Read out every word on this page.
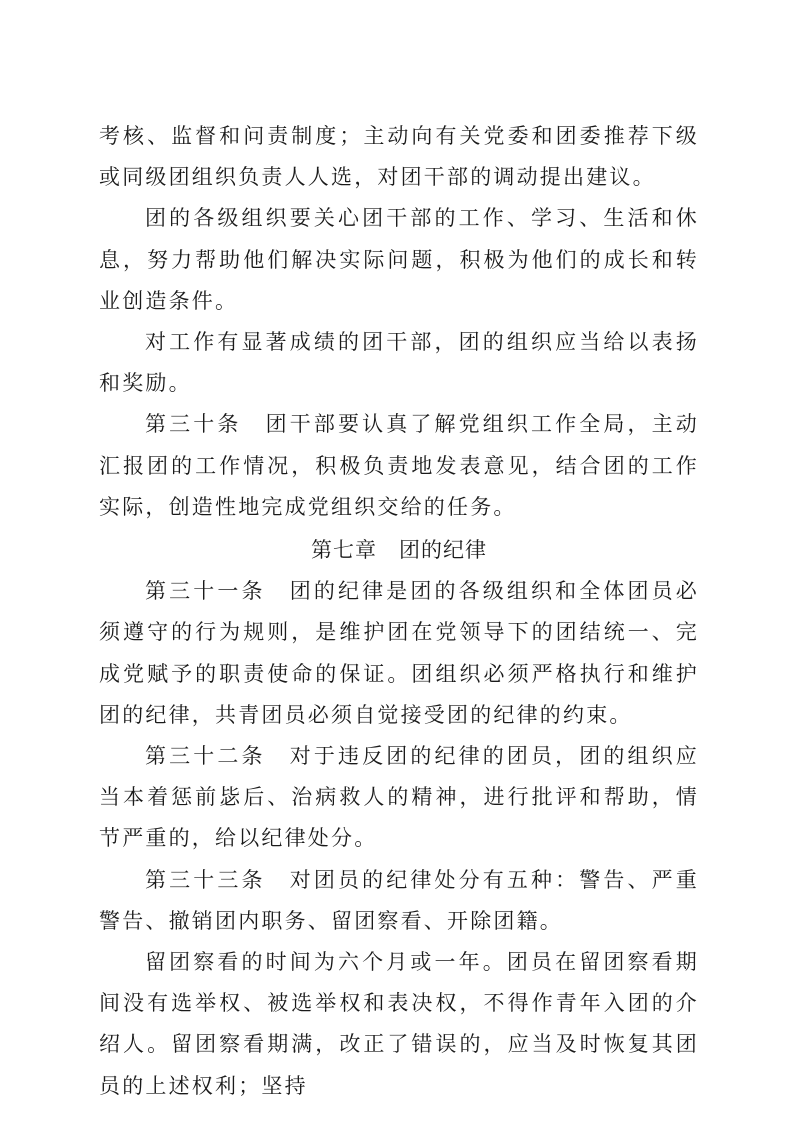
考核、监督和问责制度；主动向有关党委和团委推荐下级或同级团组织负责人人选，对团干部的调动提出建议。

团的各级组织要关心团干部的工作、学习、生活和休息，努力帮助他们解决实际问题，积极为他们的成长和转业创造条件。

对工作有显著成绩的团干部，团的组织应当给以表扬和奖励。

第三十条　团干部要认真了解党组织工作全局，主动汇报团的工作情况，积极负责地发表意见，结合团的工作实际，创造性地完成党组织交给的任务。

第七章　团的纪律

第三十一条　团的纪律是团的各级组织和全体团员必须遵守的行为规则，是维护团在党领导下的团结统一、完成党赋予的职责使命的保证。团组织必须严格执行和维护团的纪律，共青团员必须自觉接受团的纪律的约束。

第三十二条　对于违反团的纪律的团员，团的组织应当本着惩前毖后、治病救人的精神，进行批评和帮助，情节严重的，给以纪律处分。

第三十三条　对团员的纪律处分有五种：警告、严重警告、撤销团内职务、留团察看、开除团籍。

留团察看的时间为六个月或一年。团员在留团察看期间没有选举权、被选举权和表决权，不得作青年入团的介绍人。留团察看期满，改正了错误的，应当及时恢复其团员的上述权利；坚持
